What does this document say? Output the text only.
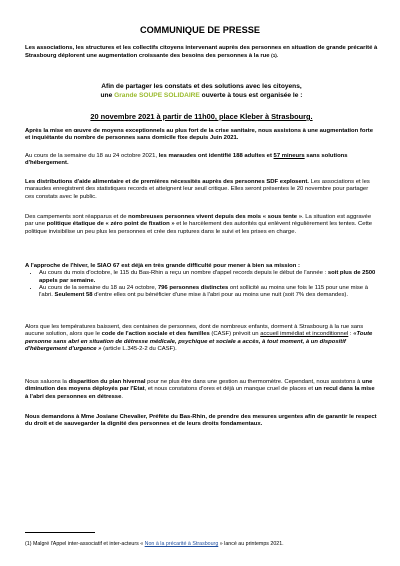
COMMUNIQUE DE PRESSE
Les associations, les structures et les collectifs citoyens intervenant auprès des personnes en situation de grande précarité à Strasbourg déplorent une augmentation croissante des besoins des personnes à la rue (1).
Afin de partager les constats et des solutions avec les citoyens,
une Grande SOUPE SOLIDAIRE ouverte à tous est organisée le :
20 novembre 2021 à partir de 11h00, place Kleber à Strasbourg.
Après la mise en œuvre de moyens exceptionnels au plus fort de la crise sanitaire, nous assistons à une augmentation forte et inquiétante du nombre de personnes sans domicile fixe depuis Juin 2021.
Au cours de la semaine du 18 au 24 octobre 2021, les maraudes ont identifié 188 adultes et 57 mineurs sans solutions d'hébergement.
Les distributions d'aide alimentaire et de premières nécessités auprès des personnes SDF explosent. Les associations et les maraudes enregistrent des statistiques records et atteignent leur seuil critique. Elles seront présentes le 20 novembre pour partager ces constats avec le public.
Des campements sont réapparus et de nombreuses personnes vivent depuis des mois « sous tente ». La situation est aggravée par une politique étatique de « zéro point de fixation » et le harcèlement des autorités qui enlèvent régulièrement les tentes. Cette politique invisibilise un peu plus les personnes et crée des ruptures dans le suivi et les prises en charge.
A l'approche de l'hiver, le SIAO 67 est déjà en très grande difficulté pour mener à bien sa mission :
• Au cours du mois d'octobre, le 115 du Bas-Rhin a reçu un nombre d'appel records depuis le début de l'année : soit plus de 2500 appels par semaine.
• Au cours de la semaine du 18 au 24 octobre, 796 personnes distinctes ont sollicité au moins une fois le 115 pour une mise à l'abri. Seulement 58 d'entre elles ont pu bénéficier d'une mise à l'abri pour au moins une nuit (soit 7% des demandes).
Alors que les températures baissent, des centaines de personnes, dont de nombreux enfants, dorment à Strasbourg à la rue sans aucune solution, alors que le code de l'action sociale et des familles (CASF) prévoit un accueil immédiat et inconditionnel : «Toute personne sans abri en situation de détresse médicale, psychique et sociale a accès, à tout moment, à un dispositif d'hébergement d'urgence » (article L.345-2-2 du CASF).
Nous saluons la disparition du plan hivernal pour ne plus être dans une gestion au thermomètre. Cependant, nous assistons à une diminution des moyens déployés par l'Etat, et nous constatons d'ores et déjà un manque cruel de places et un recul dans la mise à l'abri des personnes en détresse.
Nous demandons à Mme Josiane Chevalier, Préfète du Bas-Rhin, de prendre des mesures urgentes afin de garantir le respect du droit et de sauvegarder la dignité des personnes et de leurs droits fondamentaux.
(1) Malgré l'Appel inter-associatif et inter-acteurs « Non à la précarité à Strasbourg » lancé au printemps 2021.
